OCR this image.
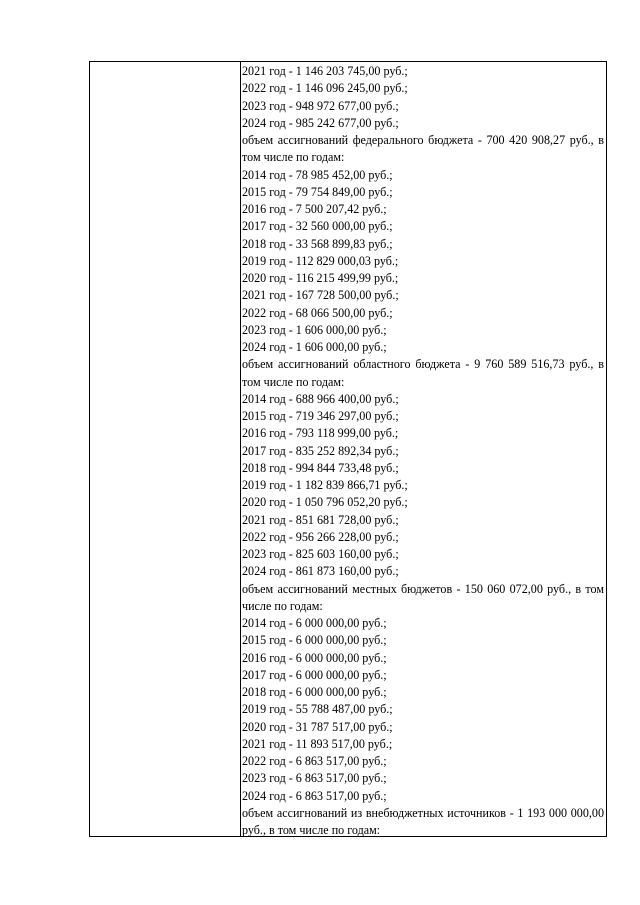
2021 год - 1 146 203 745,00 руб.;
2022 год - 1 146 096 245,00 руб.;
2023 год - 948 972 677,00 руб.;
2024 год - 985 242 677,00 руб.;
объем ассигнований федерального бюджета - 700 420 908,27 руб., в том числе по годам:
2014 год - 78 985 452,00 руб.;
2015 год - 79 754 849,00 руб.;
2016 год - 7 500 207,42 руб.;
2017 год - 32 560 000,00 руб.;
2018 год - 33 568 899,83 руб.;
2019 год - 112 829 000,03 руб.;
2020 год - 116 215 499,99 руб.;
2021 год - 167 728 500,00 руб.;
2022 год - 68 066 500,00 руб.;
2023 год - 1 606 000,00 руб.;
2024 год - 1 606 000,00 руб.;
объем ассигнований областного бюджета - 9 760 589 516,73 руб., в том числе по годам:
2014 год - 688 966 400,00 руб.;
2015 год - 719 346 297,00 руб.;
2016 год - 793 118 999,00 руб.;
2017 год - 835 252 892,34 руб.;
2018 год - 994 844 733,48 руб.;
2019 год - 1 182 839 866,71 руб.;
2020 год - 1 050 796 052,20 руб.;
2021 год - 851 681 728,00 руб.;
2022 год - 956 266 228,00 руб.;
2023 год - 825 603 160,00 руб.;
2024 год - 861 873 160,00 руб.;
объем ассигнований местных бюджетов - 150 060 072,00 руб., в том числе по годам:
2014 год - 6 000 000,00 руб.;
2015 год - 6 000 000,00 руб.;
2016 год - 6 000 000,00 руб.;
2017 год - 6 000 000,00 руб.;
2018 год - 6 000 000,00 руб.;
2019 год - 55 788 487,00 руб.;
2020 год - 31 787 517,00 руб.;
2021 год - 11 893 517,00 руб.;
2022 год - 6 863 517,00 руб.;
2023 год - 6 863 517,00 руб.;
2024 год - 6 863 517,00 руб.;
объем ассигнований из внебюджетных источников - 1 193 000 000,00 руб., в том числе по годам:
